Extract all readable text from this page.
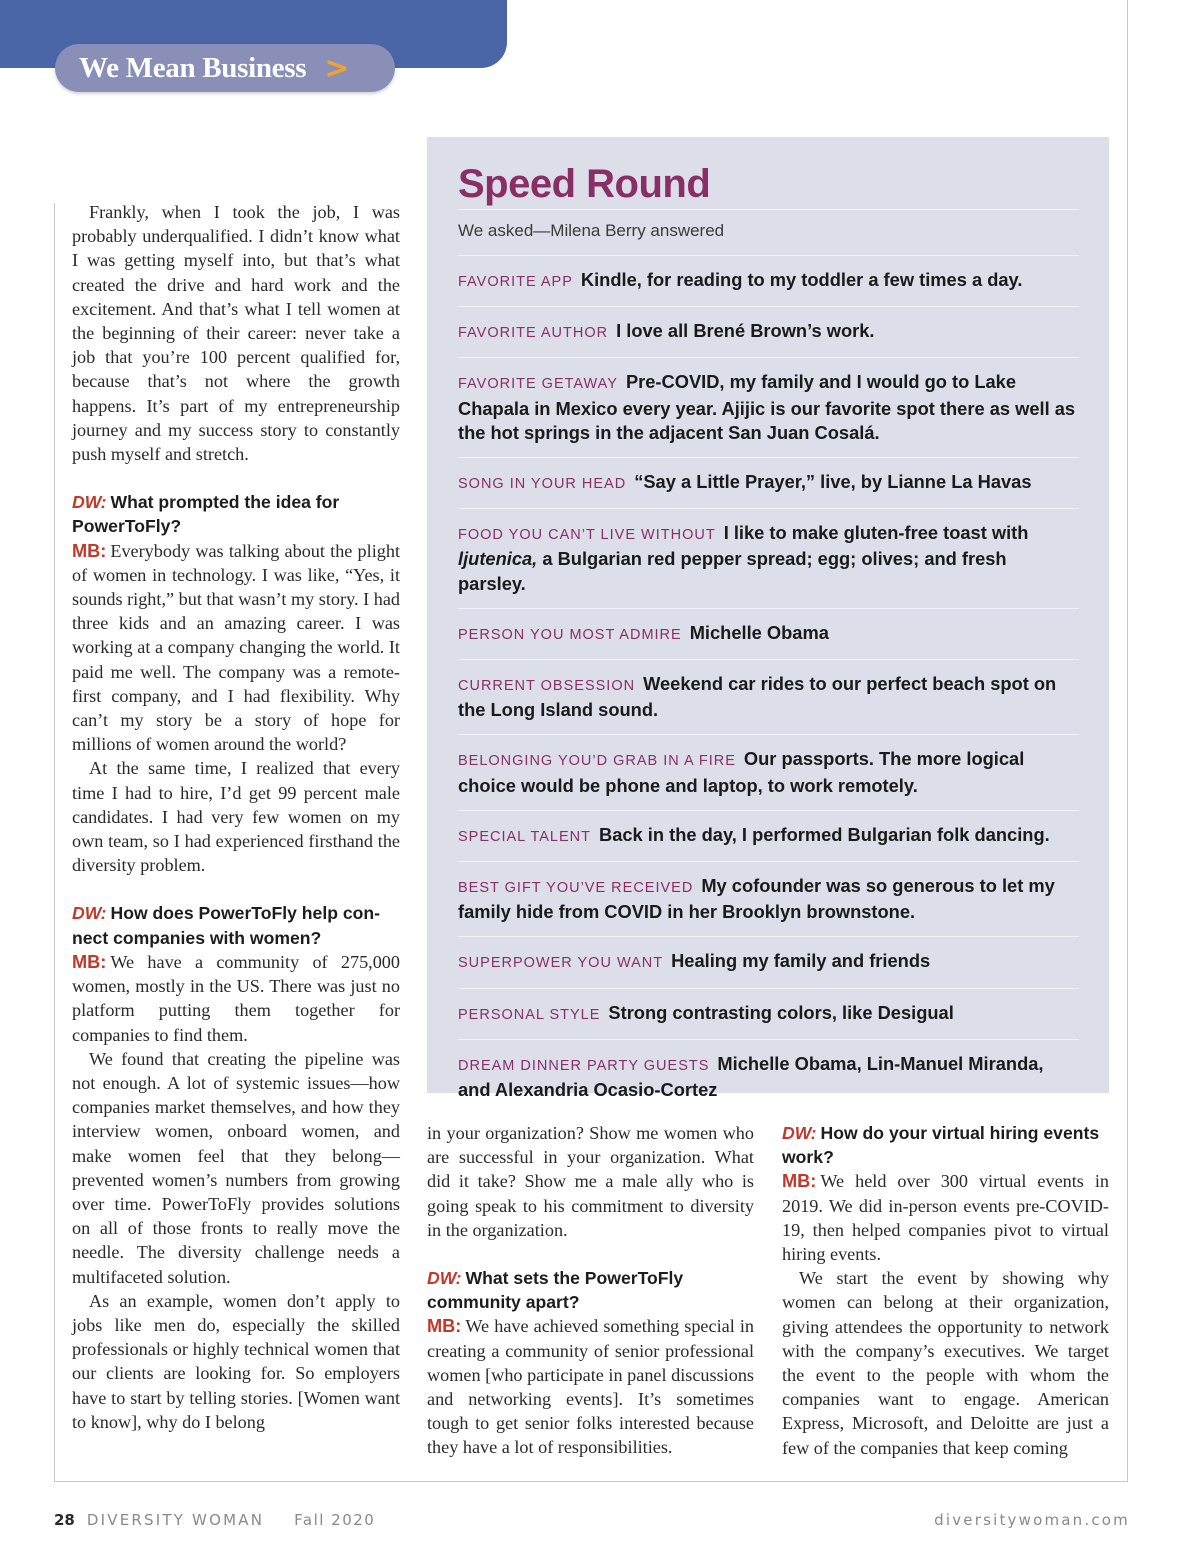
We Mean Business >

Frankly, when I took the job, I was probably underqualified. I didn’t know what I was getting myself into, but that’s what created the drive and hard work and the excitement. And that’s what I tell women at the beginning of their career: never take a job that you’re 100 percent qualified for, because that’s not where the growth happens. It’s part of my entrepreneurship journey and my success story to constantly push myself and stretch.

DW: What prompted the idea for PowerToFly?

MB: Everybody was talking about the plight of women in technology. I was like, “Yes, it sounds right,” but that wasn’t my story. I had three kids and an amazing career. I was working at a company changing the world. It paid me well. The company was a remote-first company, and I had flexibility. Why can’t my story be a story of hope for millions of women around the world?

At the same time, I realized that every time I had to hire, I’d get 99 percent male candidates. I had very few women on my own team, so I had experienced firsthand the diversity problem.

DW: How does PowerToFly help connect companies with women?

MB: We have a community of 275,000 women, mostly in the US. There was just no platform putting them together for companies to find them.

We found that creating the pipeline was not enough. A lot of systemic issues—how companies market themselves, and how they interview women, onboard women, and make women feel that they belong—prevented women’s numbers from growing over time. PowerToFly provides solutions on all of those fronts to really move the needle. The diversity challenge needs a multifaceted solution.

As an example, women don’t apply to jobs like men do, especially the skilled professionals or highly technical women that our clients are looking for. So employers have to start by telling stories. [Women want to know], why do I belong

Speed Round
We asked—Milena Berry answered
FAVORITE APP Kindle, for reading to my toddler a few times a day.
FAVORITE AUTHOR I love all Brené Brown’s work.
FAVORITE GETAWAY Pre-COVID, my family and I would go to Lake Chapala in Mexico every year. Ajijic is our favorite spot there as well as the hot springs in the adjacent San Juan Cosalá.
SONG IN YOUR HEAD “Say a Little Prayer,” live, by Lianne La Havas
FOOD YOU CAN’T LIVE WITHOUT I like to make gluten-free toast with ljutenica, a Bulgarian red pepper spread; egg; olives; and fresh parsley.
PERSON YOU MOST ADMIRE Michelle Obama
CURRENT OBSESSION Weekend car rides to our perfect beach spot on the Long Island sound.
BELONGING YOU’D GRAB IN A FIRE Our passports. The more logical choice would be phone and laptop, to work remotely.
SPECIAL TALENT Back in the day, I performed Bulgarian folk dancing.
BEST GIFT YOU’VE RECEIVED My cofounder was so generous to let my family hide from COVID in her Brooklyn brownstone.
SUPERPOWER YOU WANT Healing my family and friends
PERSONAL STYLE Strong contrasting colors, like Desigual
DREAM DINNER PARTY GUESTS Michelle Obama, Lin-Manuel Miranda, and Alexandria Ocasio-Cortez

in your organization? Show me women who are successful in your organization. What did it take? Show me a male ally who is going speak to his commitment to diversity in the organization.

DW: What sets the PowerToFly community apart?

MB: We have achieved something special in creating a community of senior professional women [who participate in panel discussions and networking events]. It’s sometimes tough to get senior folks interested because they have a lot of responsibilities.

DW: How do your virtual hiring events work?

MB: We held over 300 virtual events in 2019. We did in-person events pre-COVID-19, then helped companies pivot to virtual hiring events.

We start the event by showing why women can belong at their organization, giving attendees the opportunity to network with the company’s executives. We target the event to the people with whom the companies want to engage. American Express, Microsoft, and Deloitte are just a few of the companies that keep coming

28 DIVERSITY WOMAN Fall 2020	diversitywoman.com
